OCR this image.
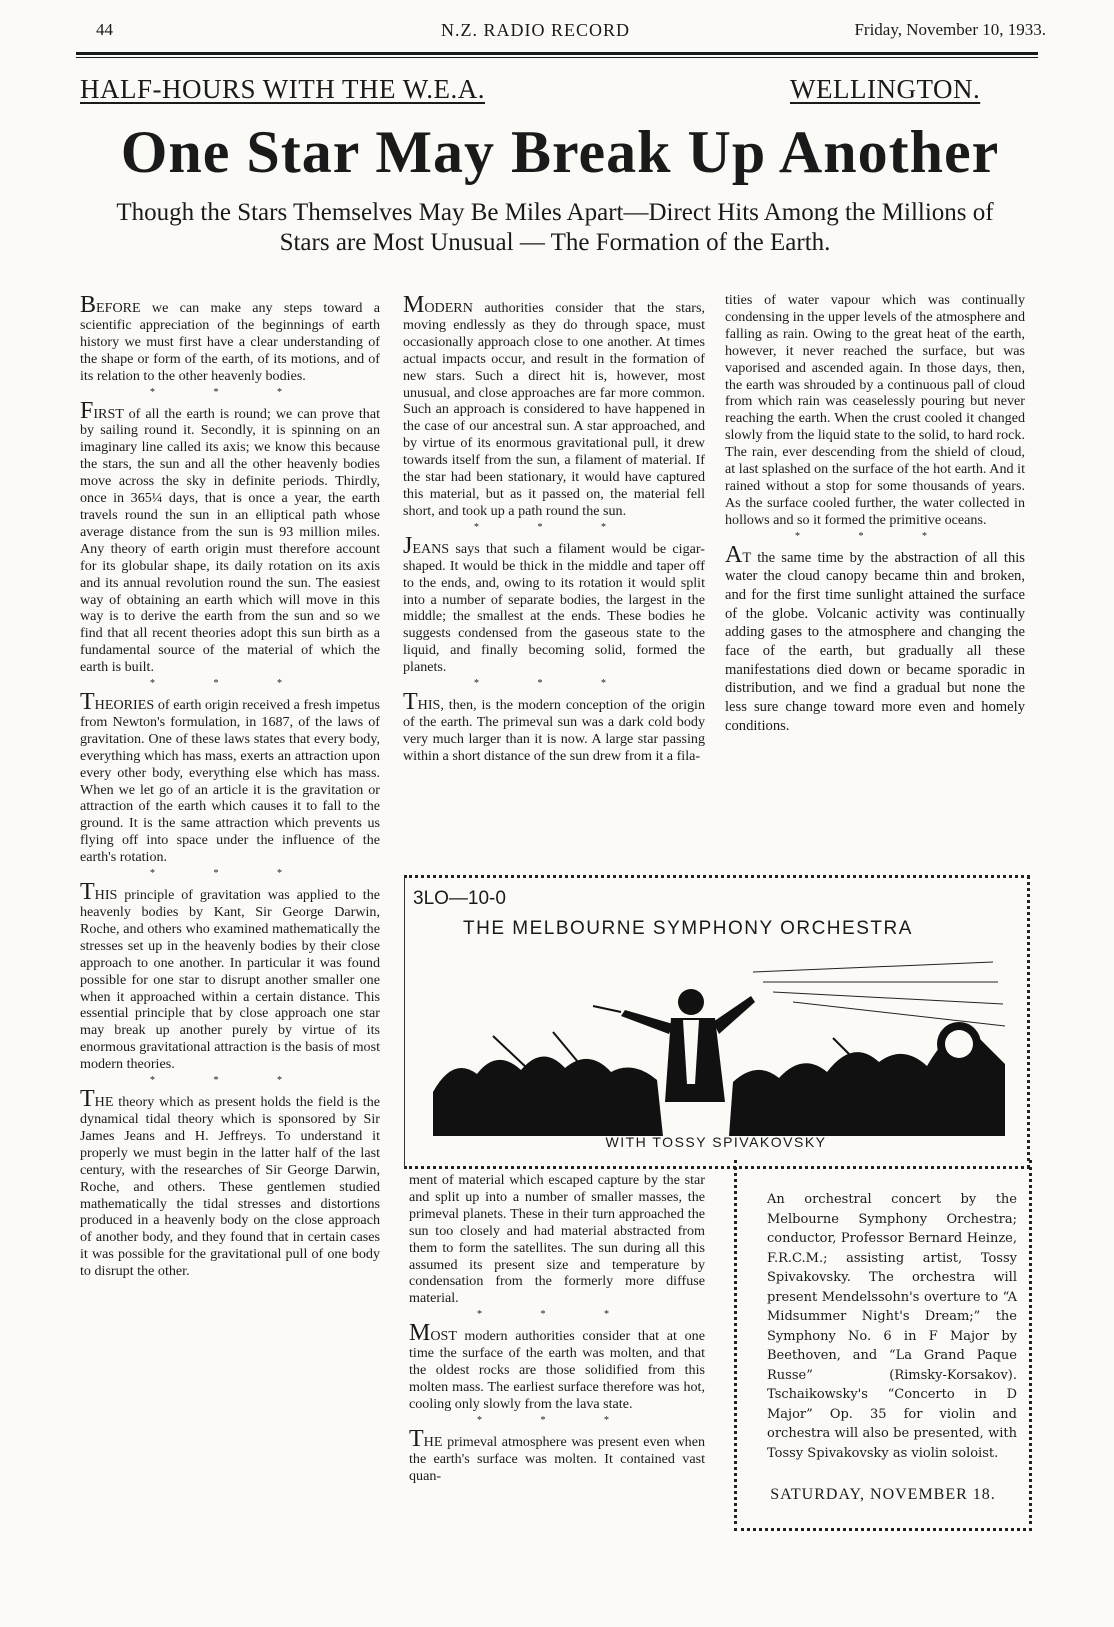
44	N.Z. RADIO RECORD	Friday, November 10, 1933.
HALF-HOURS WITH THE W.E.A.	WELLINGTON.
One Star May Break Up Another
Though the Stars Themselves May Be Miles Apart—Direct Hits Among the Millions of Stars are Most Unusual — The Formation of the Earth.

BEFORE we can make any steps toward a scientific appreciation of the beginnings of earth history we must first have a clear understanding of the shape or form of the earth, of its motions, and of its relation to the other heavenly bodies.

* * *

FIRST of all the earth is round; we can prove that by sailing round it. Secondly, it is spinning on an imaginary line called its axis; we know this because the stars, the sun and all the other heavenly bodies move across the sky in definite periods. Thirdly, once in 365¼ days, that is once a year, the earth travels round the sun in an elliptical path whose average distance from the sun is 93 million miles. Any theory of earth origin must therefore account for its globular shape, its daily rotation on its axis and its annual revolution round the sun. The easiest way of obtaining an earth which will move in this way is to derive the earth from the sun and so we find that all recent theories adopt this sun birth as a fundamental source of the material of which the earth is built.

* * *

THEORIES of earth origin received a fresh impetus from Newton's formulation, in 1687, of the laws of gravitation. One of these laws states that every body, everything which has mass, exerts an attraction upon every other body, everything else which has mass. When we let go of an article it is the gravitation or attraction of the earth which causes it to fall to the ground. It is the same attraction which prevents us flying off into space under the influence of the earth's rotation.

* * *

THIS principle of gravitation was applied to the heavenly bodies by Kant, Sir George Darwin, Roche, and others who examined mathematically the stresses set up in the heavenly bodies by their close approach to one another. In particular it was found possible for one star to disrupt another smaller one when it approached within a certain distance. This essential principle that by close approach one star may break up another purely by virtue of its enormous gravitational attraction is the basis of most modern theories.

* * *

THE theory which as present holds the field is the dynamical tidal theory which is sponsored by Sir James Jeans and H. Jeffreys. To understand it properly we must begin in the latter half of the last century, with the researches of Sir George Darwin, Roche, and others. These gentlemen studied mathematically the tidal stresses and distortions produced in a heavenly body on the close approach of another body, and they found that in certain cases it was possible for the gravitational pull of one body to disrupt the other.

MODERN authorities consider that the stars, moving endlessly as they do through space, must occasionally approach close to one another. At times actual impacts occur, and result in the formation of new stars. Such a direct hit is, however, most unusual, and close approaches are far more common. Such an approach is considered to have happened in the case of our ancestral sun. A star approached, and by virtue of its enormous gravitational pull, it drew towards itself from the sun, a filament of material. If the star had been stationary, it would have captured this material, but as it passed on, the material fell short, and took up a path round the sun.

* * *

JEANS says that such a filament would be cigar-shaped. It would be thick in the middle and taper off to the ends, and, owing to its rotation it would split into a number of separate bodies, the largest in the middle; the smallest at the ends. These bodies he suggests condensed from the gaseous state to the liquid, and finally becoming solid, formed the planets.

* * *

THIS, then, is the modern conception of the origin of the earth. The primeval sun was a dark cold body very much larger than it is now. A large star passing within a short distance of the sun drew from it a fila-

tities of water vapour which was continually condensing in the upper levels of the atmosphere and falling as rain. Owing to the great heat of the earth, however, it never reached the surface, but was vaporised and ascended again. In those days, then, the earth was shrouded by a continuous pall of cloud from which rain was ceaselessly pouring but never reaching the earth. When the crust cooled it changed slowly from the liquid state to the solid, to hard rock. The rain, ever descending from the shield of cloud, at last splashed on the surface of the hot earth. And it rained without a stop for some thousands of years. As the surface cooled further, the water collected in hollows and so it formed the primitive oceans.

* * *

AT the same time by the abstraction of all this water the cloud canopy became thin and broken, and for the first time sunlight attained the surface of the globe. Volcanic activity was continually adding gases to the atmosphere and changing the face of the earth, but gradually all these manifestations died down or became sporadic in distribution, and we find a gradual but none the less sure change toward more even and homely conditions.

3LO—10-0
THE MELBOURNE SYMPHONY ORCHESTRA
WITH TOSSY SPIVAKOVSKY

ment of material which escaped capture by the star and split up into a number of smaller masses, the primeval planets. These in their turn approached the sun too closely and had material abstracted from them to form the satellites. The sun during all this assumed its present size and temperature by condensation from the formerly more diffuse material.

* * *

MOST modern authorities consider that at one time the surface of the earth was molten, and that the oldest rocks are those solidified from this molten mass. The earliest surface therefore was hot, cooling only slowly from the lava state.

* * *

THE primeval atmosphere was present even when the earth's surface was molten. It contained vast quan-

An orchestral concert by the Melbourne Symphony Orchestra; conductor, Professor Bernard Heinze, F.R.C.M.; assisting artist, Tossy Spivakovsky. The orchestra will present Mendelssohn's overture to “A Midsummer Night's Dream;” the Symphony No. 6 in F Major by Beethoven, and “La Grand Paque Russe” (Rimsky-Korsakov). Tschaikowsky's “Concerto in D Major” Op. 35 for violin and orchestra will also be presented, with Tossy Spivakovsky as violin soloist.
SATURDAY, NOVEMBER 18.
